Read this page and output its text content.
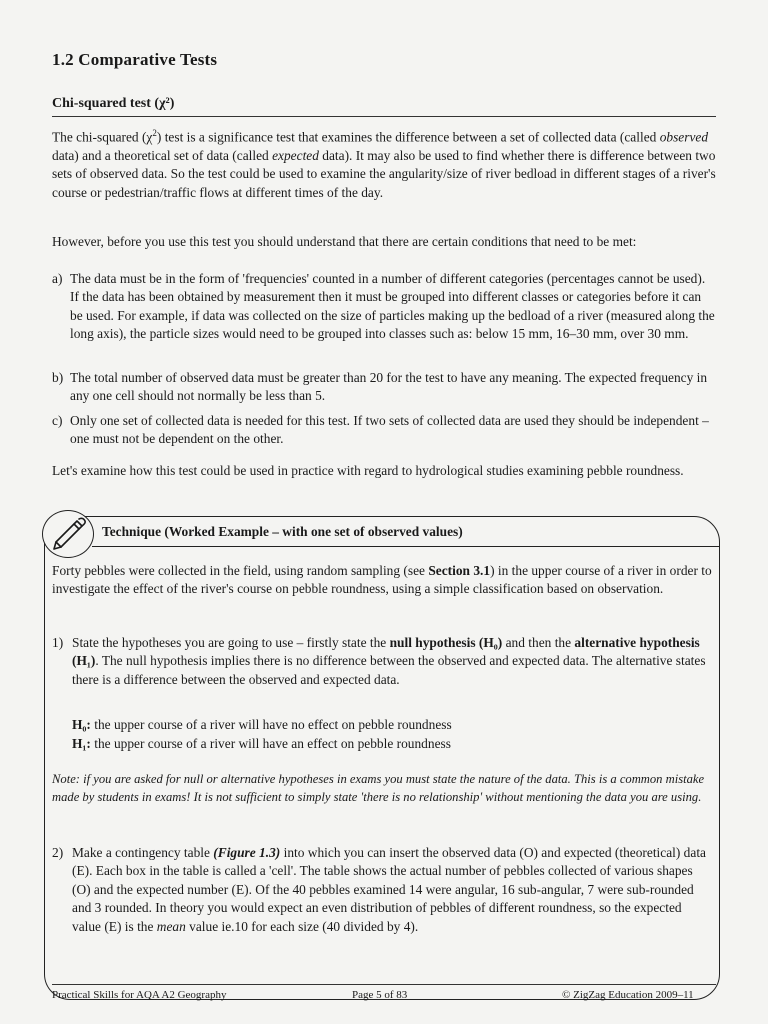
1.2 Comparative Tests
Chi-squared test (χ²)
The chi-squared $(\chi^2)$ test is a significance test that examines the difference between a set of collected data (called observed data) and a theoretical set of data (called expected data). It may also be used to find whether there is difference between two sets of observed data. So the test could be used to examine the angularity/size of river bedload in different stages of a river's course or pedestrian/traffic flows at different times of the day.
However, before you use this test you should understand that there are certain conditions that need to be met:
a) The data must be in the form of 'frequencies' counted in a number of different categories (percentages cannot be used). If the data has been obtained by measurement then it must be grouped into different classes or categories before it can be used. For example, if data was collected on the size of particles making up the bedload of a river (measured along the long axis), the particle sizes would need to be grouped into classes such as: below 15 mm, 16–30 mm, over 30 mm.
b) The total number of observed data must be greater than 20 for the test to have any meaning. The expected frequency in any one cell should not normally be less than 5.
c) Only one set of collected data is needed for this test. If two sets of collected data are used they should be independent – one must not be dependent on the other.
Let's examine how this test could be used in practice with regard to hydrological studies examining pebble roundness.
Technique (Worked Example – with one set of observed values)
Forty pebbles were collected in the field, using random sampling (see Section 3.1) in the upper course of a river in order to investigate the effect of the river's course on pebble roundness, using a simple classification based on observation.
1) State the hypotheses you are going to use – firstly state the null hypothesis (H₀) and then the alternative hypothesis (H₁). The null hypothesis implies there is no difference between the observed and expected data. The alternative states there is a difference between the observed and expected data.
H₀: the upper course of a river will have no effect on pebble roundness
H₁: the upper course of a river will have an effect on pebble roundness
Note: if you are asked for null or alternative hypotheses in exams you must state the nature of the data. This is a common mistake made by students in exams! It is not sufficient to simply state 'there is no relationship' without mentioning the data you are using.
2) Make a contingency table (Figure 1.3) into which you can insert the observed data (O) and expected (theoretical) data (E). Each box in the table is called a 'cell'. The table shows the actual number of pebbles collected of various shapes (O) and the expected number (E). Of the 40 pebbles examined 14 were angular, 16 sub-angular, 7 were sub-rounded and 3 rounded. In theory you would expect an even distribution of pebbles of different roundness, so the expected value (E) is the mean value ie.10 for each size (40 divided by 4).
Practical Skills for AQA A2 Geography	Page 5 of 83	© ZigZag Education 2009–11
